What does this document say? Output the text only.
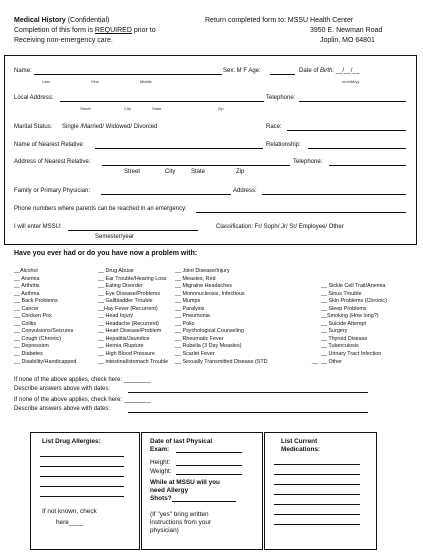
Medical History (Confidential)
Completion of this form is REQUIRED prior to
Receiving non-emergency care.
Return completed form to: MSSU Health Center
3950 E. Newman Road
Joplin, MO 64801
Name:	Sex: M F Age:	Date of Birth: __/__/__
Last	First	Middle	mm/dd/yy
Local Address:	Telephone:
Street	City	State	Zip
Marital Status: Single /Married/ Widowed/ Divorced	Race:
Name of Nearest Relative:	Relationship:
Address of Nearest Relative:	Telephone:
Street	City	State	Zip
Family or Primary Physician:	Address:
Phone numbers where parents can be reached in an emergency:
I will enter MSSU:
Semester/year
Classification: Fr/ Soph/ Jr/ Sr/ Employee/ Other
Have you ever had or do you have now a problem with:
__Alcohol
__ Anemia
__ Arthritis
__ Asthma
__ Back Problems
__ Cancer
__ Chicken Pox
__ Colitis
__ Convulsions/Seizures
__ Cough (Chronic)
__ Depression
__ Diabetes
__ Disability/Handicapped
__ Drug Abuse
__ Ear Trouble/Hearing Loss
__ Eating Disorder
__ Eye Disease/Problems
__ Gallbladder Trouble
__Hay Fever (Recurrent)
__ Head Injury
__ Headache (Recurrent)
__ Heart Disease/Problem
__ Hepatitis/Jaundice
__ Hernia /Rupture
__ High Blood Pressure
__ intestinal/stomach Trouble
__ Joint Disease/Injury
__ Measles, Red
__ Migraine Headaches
__ Mononucleosis, Infectious
__ Mumps
__ Paralysis
__ Pneumonia
__ Polio
__ Psychological Counseling
__ Rheumatic Fever
__ Rubella (3 Day Measles)
__ Scarlet Fever
__ Sexually Transmitted Disease (STD
__ Sickle Cell Trait/Anemia
__ Sinus Trouble
__ Skin Problems (Chronic)
__ Sleep Problems
__Smoking (How long?)
__ Suicide Attempt
__ Surgery
__ Thyroid Disease
__ Tuberculosis
__ Urinary Tract Infection
__ Other
__
If none of the above applies, check here: ________
Describe answers above with dates:
If none of the above applies, check here: ________
Describe answers above with dates:
List Drug Allergies:
If not known, check
here____
Date of last Physical
Exam:
Height:
Weight:
While at MSSU will you
need Allergy
Shots?
(If "yes" bring written
instructions from your
physician)
List Current
Medications:
